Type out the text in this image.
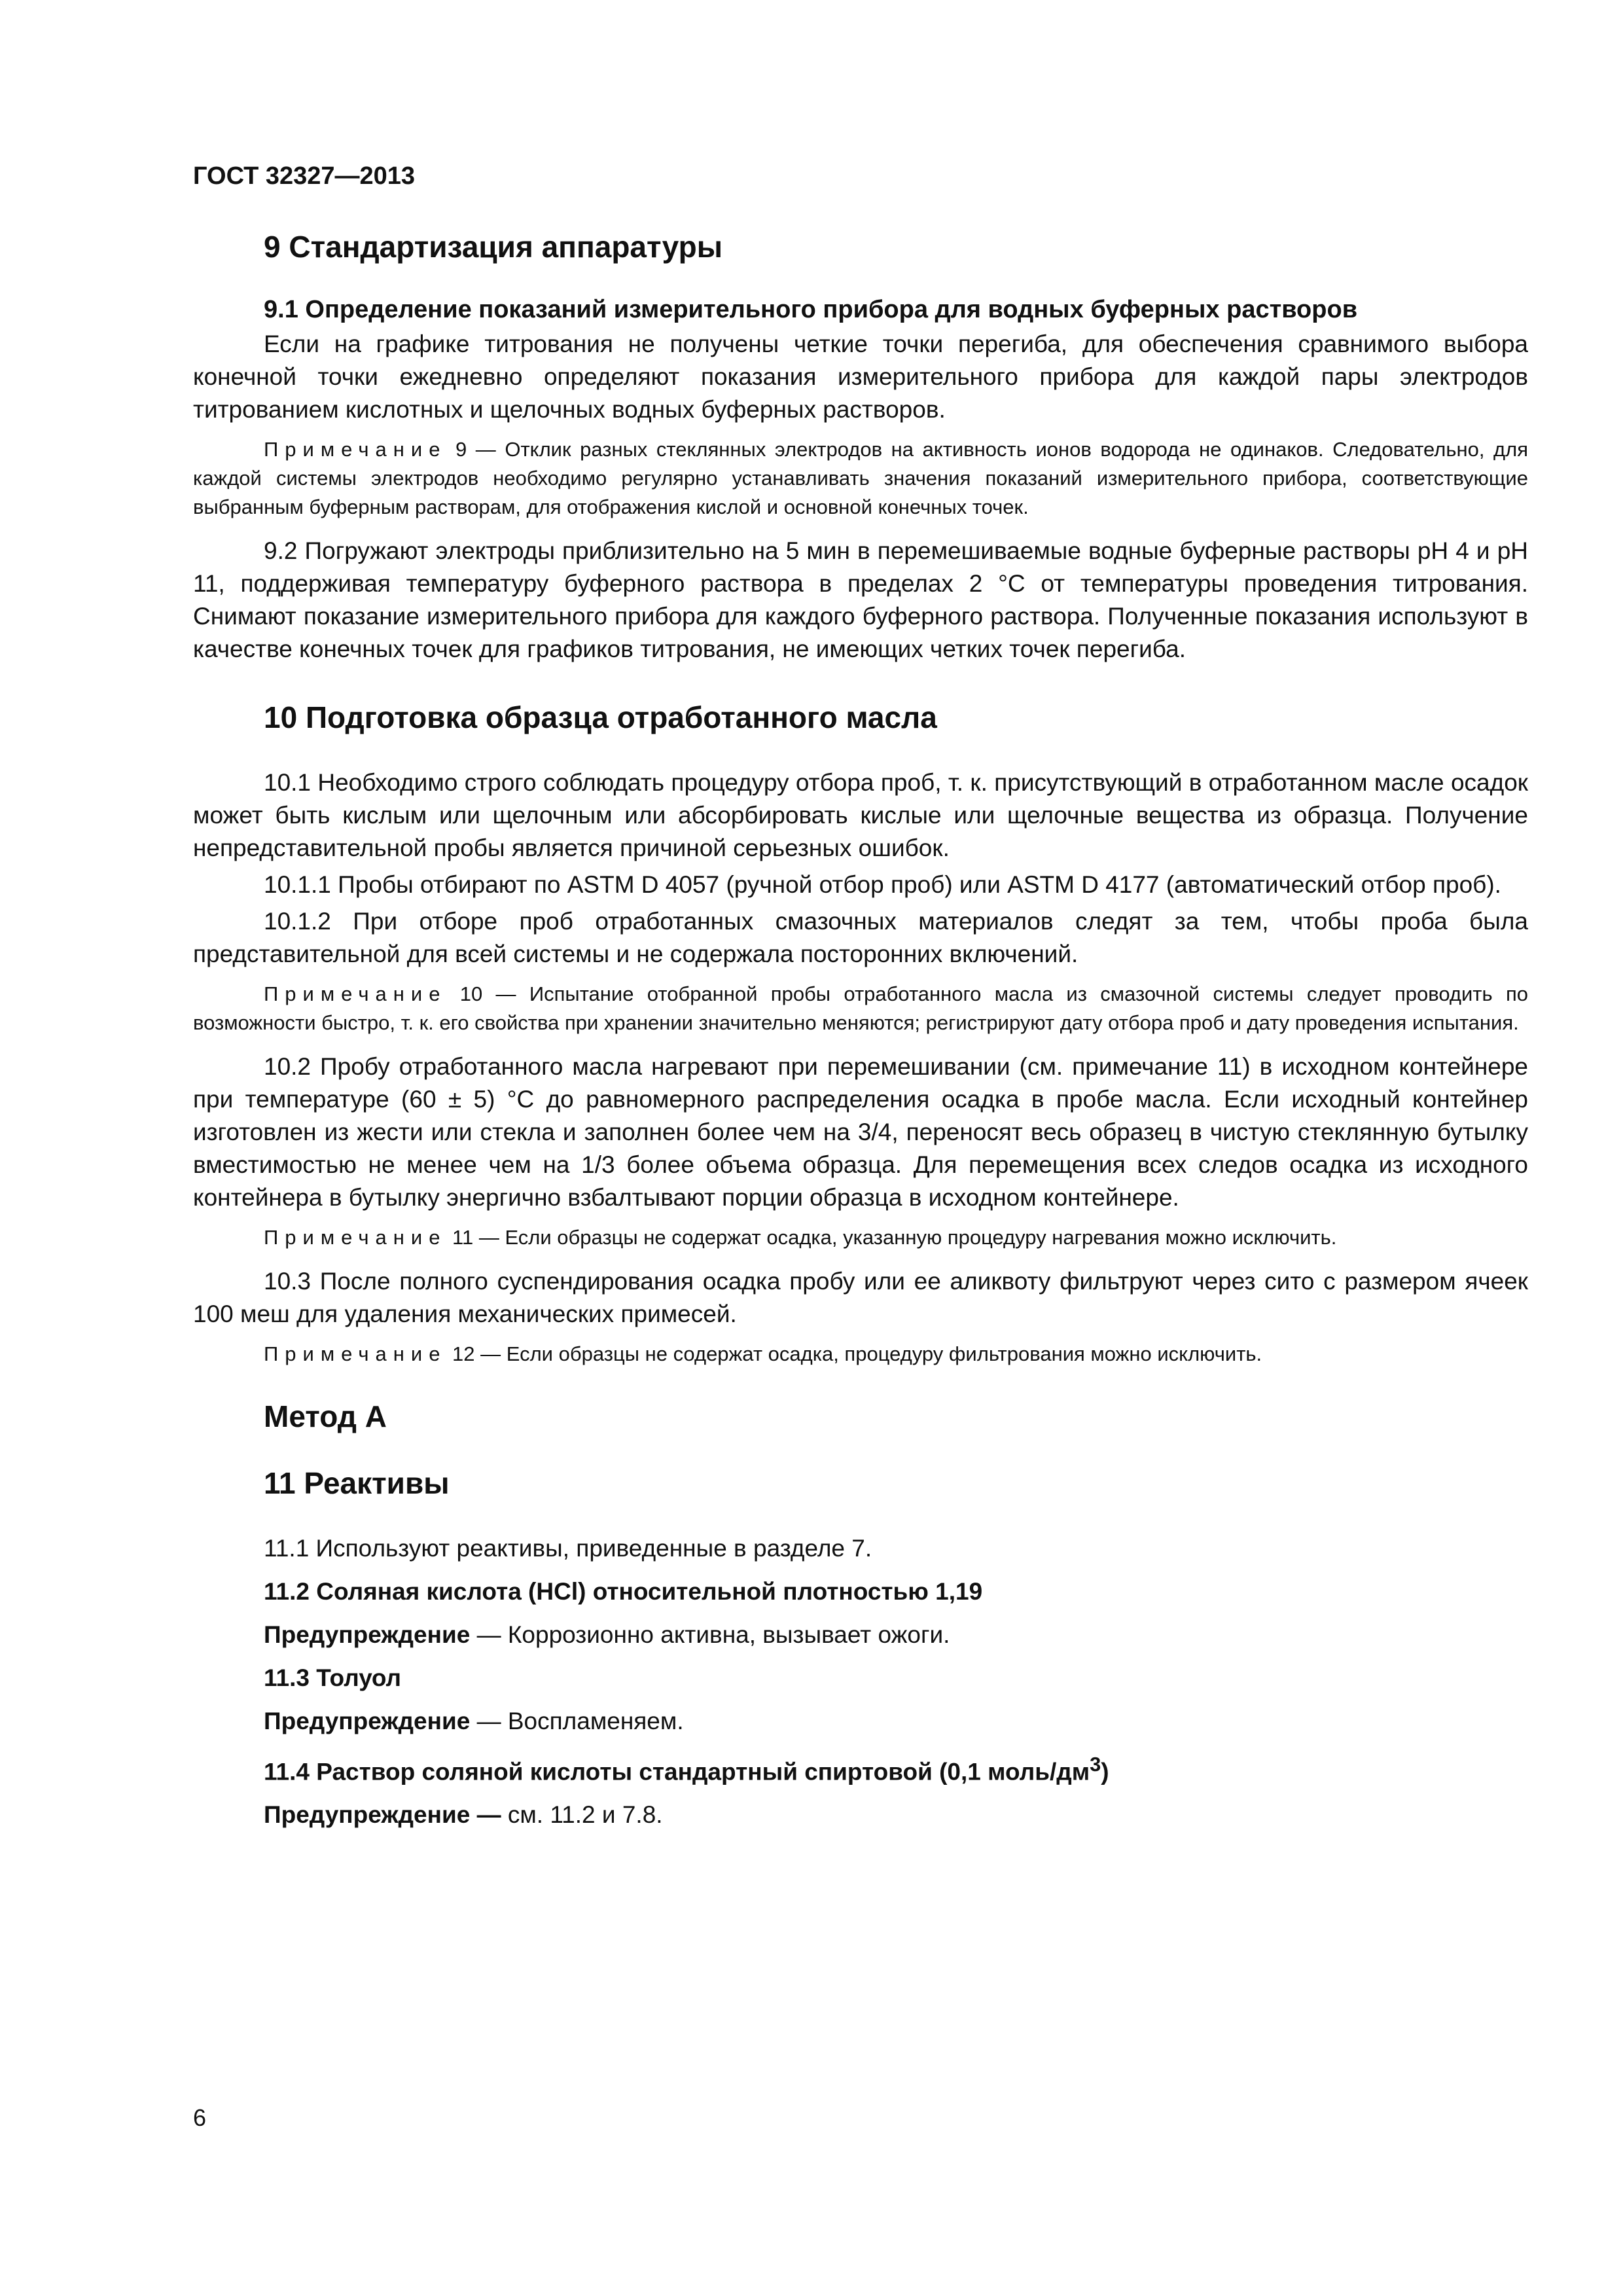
ГОСТ 32327—2013
9 Стандартизация аппаратуры
9.1 Определение показаний измерительного прибора для водных буферных растворов

Если на графике титрования не получены четкие точки перегиба, для обеспечения сравнимого выбора конечной точки ежедневно определяют показания измерительного прибора для каждой пары электродов титрованием кислотных и щелочных водных буферных растворов.

Примечание 9 — Отклик разных стеклянных электродов на активность ионов водорода не одинаков. Следовательно, для каждой системы электродов необходимо регулярно устанавливать значения показаний измерительного прибора, соответствующие выбранным буферным растворам, для отображения кислой и основной конечных точек.

9.2 Погружают электроды приблизительно на 5 мин в перемешиваемые водные буферные растворы pH 4 и pH 11, поддерживая температуру буферного раствора в пределах 2 °С от температуры проведения титрования. Снимают показание измерительного прибора для каждого буферного раствора. Полученные показания используют в качестве конечных точек для графиков титрования, не имеющих четких точек перегиба.

10 Подготовка образца отработанного масла

10.1 Необходимо строго соблюдать процедуру отбора проб, т. к. присутствующий в отработанном масле осадок может быть кислым или щелочным или абсорбировать кислые или щелочные вещества из образца. Получение непредставительной пробы является причиной серьезных ошибок.

10.1.1 Пробы отбирают по ASTM D 4057 (ручной отбор проб) или ASTM D 4177 (автоматический отбор проб).

10.1.2 При отборе проб отработанных смазочных материалов следят за тем, чтобы проба была представительной для всей системы и не содержала посторонних включений.

Примечание 10 — Испытание отобранной пробы отработанного масла из смазочной системы следует проводить по возможности быстро, т. к. его свойства при хранении значительно меняются; регистрируют дату отбора проб и дату проведения испытания.

10.2 Пробу отработанного масла нагревают при перемешивании (см. примечание 11) в исходном контейнере при температуре (60 ± 5) °С до равномерного распределения осадка в пробе масла. Если исходный контейнер изготовлен из жести или стекла и заполнен более чем на 3/4, переносят весь образец в чистую стеклянную бутылку вместимостью не менее чем на 1/3 более объема образца. Для перемещения всех следов осадка из исходного контейнера в бутылку энергично взбалтывают порции образца в исходном контейнере.

Примечание 11 — Если образцы не содержат осадка, указанную процедуру нагревания можно исключить.

10.3 После полного суспендирования осадка пробу или ее аликвоту фильтруют через сито с размером ячеек 100 меш для удаления механических примесей.

Примечание 12 — Если образцы не содержат осадка, процедуру фильтрования можно исключить.

Метод А
11 Реактивы

11.1 Используют реактивы, приведенные в разделе 7.

11.2 Соляная кислота (HCl) относительной плотностью 1,19

Предупреждение — Коррозионно активна, вызывает ожоги.

11.3 Толуол

Предупреждение — Воспламеняем.

11.4 Раствор соляной кислоты стандартный спиртовой (0,1 моль/$дм^3$)

Предупреждение — см. 11.2 и 7.8.

6
